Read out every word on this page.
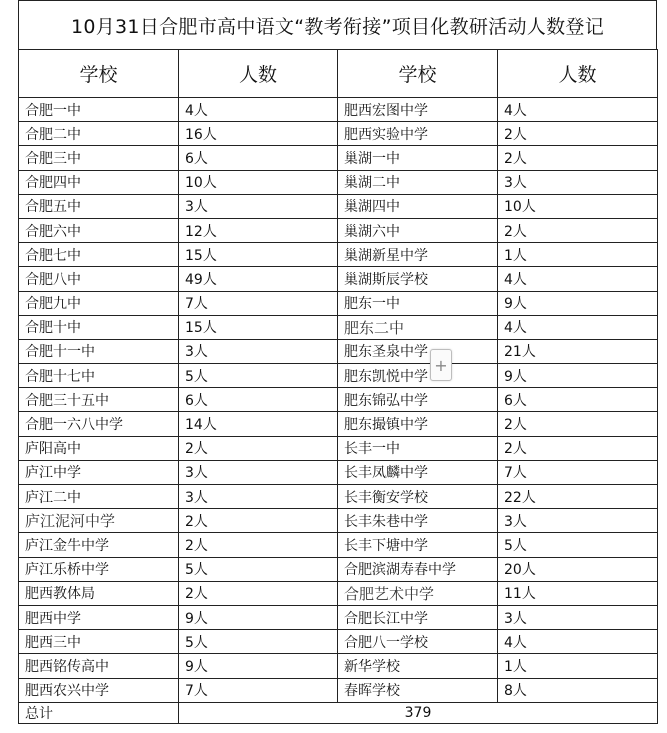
10月31日合肥市高中语文“教考衔接”项目化教研活动人数登记
学校	人数	学校	人数
合肥一中	4人	肥西宏图中学	4人
合肥二中	16人	肥西实验中学	2人
合肥三中	6人	巢湖一中	2人
合肥四中	10人	巢湖二中	3人
合肥五中	3人	巢湖四中	10人
合肥六中	12人	巢湖六中	2人
合肥七中	15人	巢湖新星中学	1人
合肥八中	49人	巢湖斯辰学校	4人
合肥九中	7人	肥东一中	9人
合肥十中	15人	肥东二中	4人
合肥十一中	3人	肥东圣泉中学	21人
合肥十七中	5人	肥东凯悦中学	9人
合肥三十五中	6人	肥东锦弘中学	6人
合肥一六八中学	14人	肥东撮镇中学	2人
庐阳高中	2人	长丰一中	2人
庐江中学	3人	长丰凤麟中学	7人
庐江二中	3人	长丰衡安学校	22人
庐江泥河中学	2人	长丰朱巷中学	3人
庐江金牛中学	2人	长丰下塘中学	5人
庐江乐桥中学	5人	合肥滨湖寿春中学	20人
肥西教体局	2人	合肥艺术中学	11人
肥西中学	9人	合肥长江中学	3人
肥西三中	5人	合肥八一学校	4人
肥西铭传高中	9人	新华学校	1人
肥西农兴中学	7人	春晖学校	8人
总计	379		
+
